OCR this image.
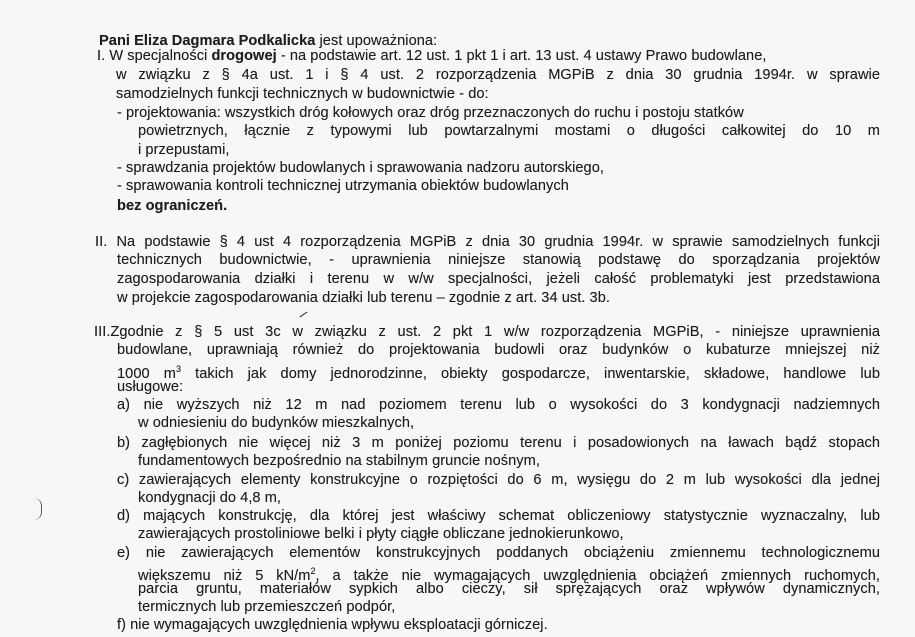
Pani Eliza Dagmara Podkalicka jest upoważniona:
I. W specjalności drogowej - na podstawie art. 12 ust. 1 pkt 1 i art. 13 ust. 4 ustawy Prawo budowlane,
w związku z § 4a ust. 1 i § 4 ust. 2 rozporządzenia MGPiB z dnia 30 grudnia 1994r. w sprawie
samodzielnych funkcji technicznych w budownictwie - do:
- projektowania: wszystkich dróg kołowych oraz dróg przeznaczonych do ruchu i postoju statków
powietrznych, łącznie z typowymi lub powtarzalnymi mostami o długości całkowitej do 10 m
i przepustami,
- sprawdzania projektów budowlanych i sprawowania nadzoru autorskiego,
- sprawowania kontroli technicznej utrzymania obiektów budowlanych
bez ograniczeń.
II. Na podstawie § 4 ust 4 rozporządzenia MGPiB z dnia 30 grudnia 1994r. w sprawie samodzielnych funkcji
technicznych budownictwie, - uprawnienia niniejsze stanowią podstawę do sporządzania projektów
zagospodarowania działki i terenu w w/w specjalności, jeżeli całość problematyki jest przedstawiona
w projekcie zagospodarowania działki lub terenu – zgodnie z art. 34 ust. 3b.
III.Zgodnie z § 5 ust 3c w związku z ust. 2 pkt 1 w/w rozporządzenia MGPiB, - niniejsze uprawnienia
budowlane, uprawniają również do projektowania budowli oraz budynków o kubaturze mniejszej niż
1000 $m^3$ takich jak domy jednorodzinne, obiekty gospodarcze, inwentarskie, składowe, handlowe lub
usługowe:
a) nie wyższych niż 12 m nad poziomem terenu lub o wysokości do 3 kondygnacji nadziemnych
w odniesieniu do budynków mieszkalnych,
b) zagłębionych nie więcej niż 3 m poniżej poziomu terenu i posadowionych na ławach bądź stopach
fundamentowych bezpośrednio na stabilnym gruncie nośnym,
c) zawierających elementy konstrukcyjne o rozpiętości do 6 m, wysięgu do 2 m lub wysokości dla jednej
kondygnacji do 4,8 m,
d) mających konstrukcję, dla której jest właściwy schemat obliczeniowy statystycznie wyznaczalny, lub
zawierających prostoliniowe belki i płyty ciągłe obliczane jednokierunkowo,
e) nie zawierających elementów konstrukcyjnych poddanych obciążeniu zmiennemu technologicznemu
większemu niż 5 $kN/m^2$, a także nie wymagających uwzględnienia obciążeń zmiennych ruchomych,
parcia gruntu, materiałów sypkich albo cieczy, sił sprężających oraz wpływów dynamicznych,
termicznych lub przemieszczeń podpór,
f) nie wymagających uwzględnienia wpływu eksploatacji górniczej.
